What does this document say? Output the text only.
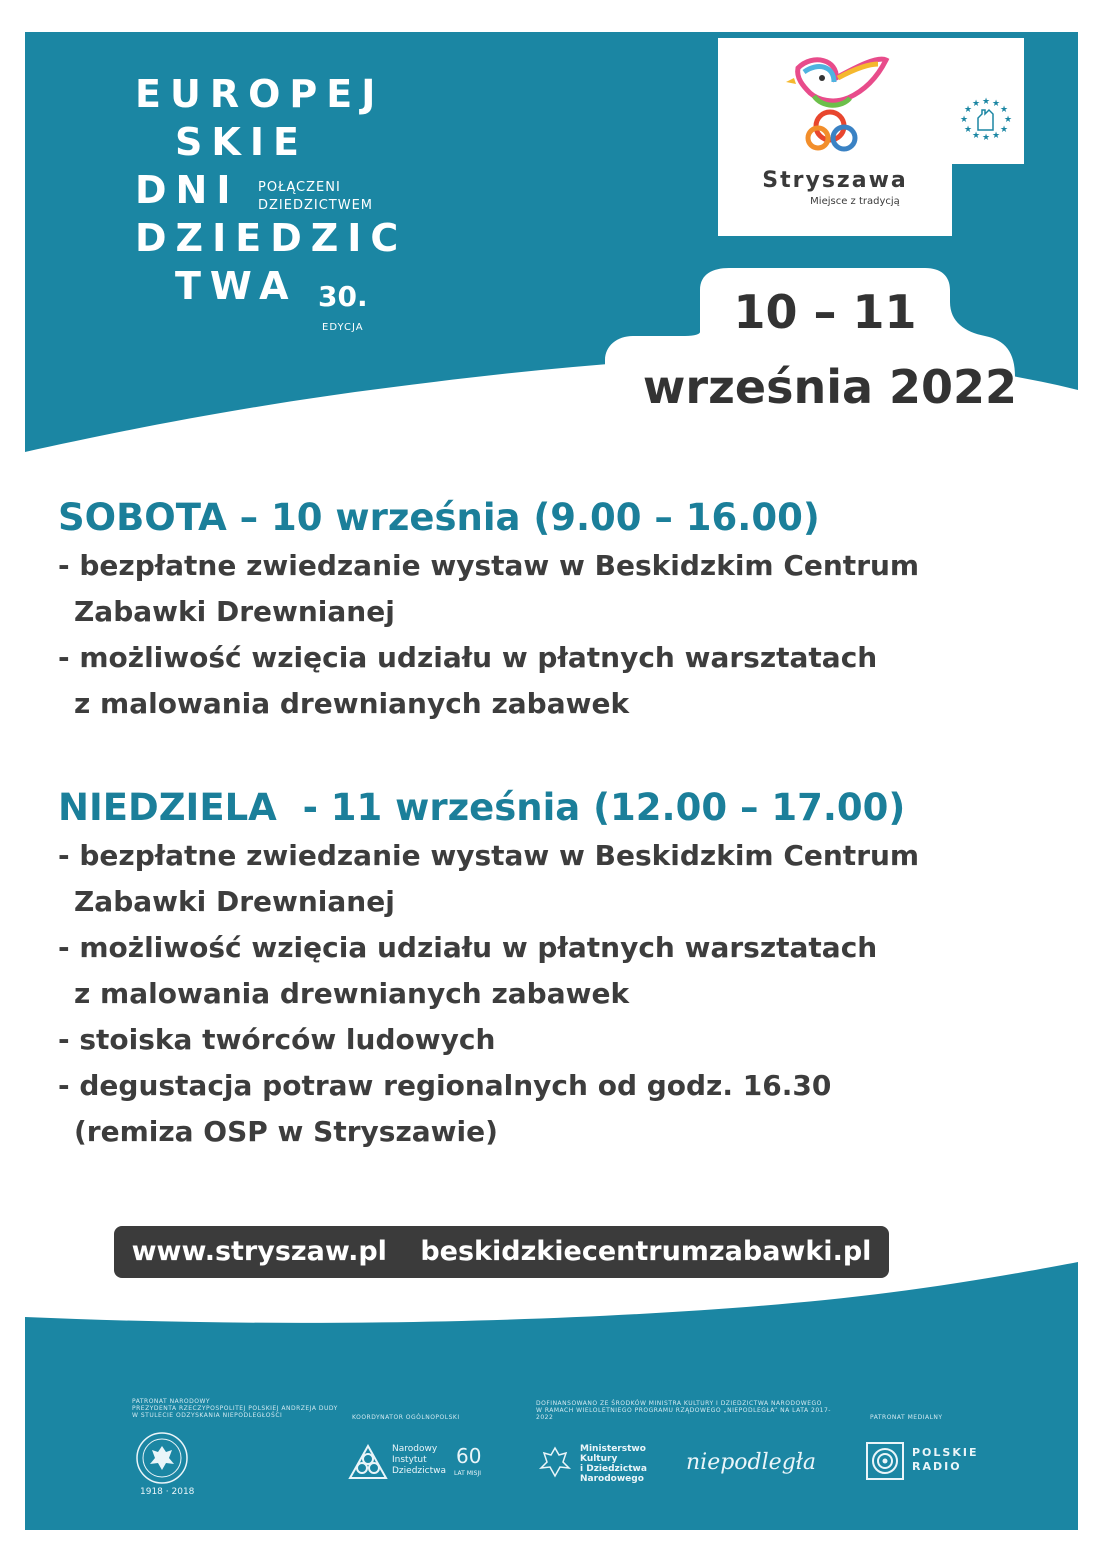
EUROPEJ
SKIE
DNI
DZIEDZIC
TWA
POŁĄCZENI
DZIEDZICTWEM
30.
EDYCJA
Stryszawa
Miejsce z tradycją
★ ★
★
★
★
★
★
★
★
★
★
★
10 – 11
września 2022
SOBOTA – 10 września (9.00 – 16.00)
- bezpłatne zwiedzanie wystaw w Beskidzkim Centrum
Zabawki Drewnianej
- możliwość wzięcia udziału w płatnych warsztatach
z malowania drewnianych zabawek
NIEDZIELA  - 11 września (12.00 – 17.00)
- bezpłatne zwiedzanie wystaw w Beskidzkim Centrum
Zabawki Drewnianej
- możliwość wzięcia udziału w płatnych warsztatach
z malowania drewnianych zabawek
- stoiska twórców ludowych
- degustacja potraw regionalnych od godz. 16.30
(remiza OSP w Stryszawie)
www.stryszaw.pl beskidzkiecentrumzabawki.pl
PATRONAT NARODOWY
PREZYDENTA RZECZYPOSPOLITEJ POLSKIEJ ANDRZEJA DUDY
W STULECIE ODZYSKANIA NIEPODLEGŁOŚCI	KOORDYNATOR OGÓLNOPOLSKI
DOFINANSOWANO ZE ŚRODKÓW MINISTRA KULTURY I DZIEDZICTWA NARODOWEGO
W RAMACH WIELOLETNIEGO PROGRAMU RZĄDOWEGO „NIEPODLEGŁA” NA LATA 2017-2022	PATRONAT MEDIALNY
1918 · 2018
Narodowy
Instytut
Dziedzictwa
60
LAT MISJI
Ministerstwo
Kultury
i Dziedzictwa
Narodowego
niepodległa	POLSKIE
RADIO
